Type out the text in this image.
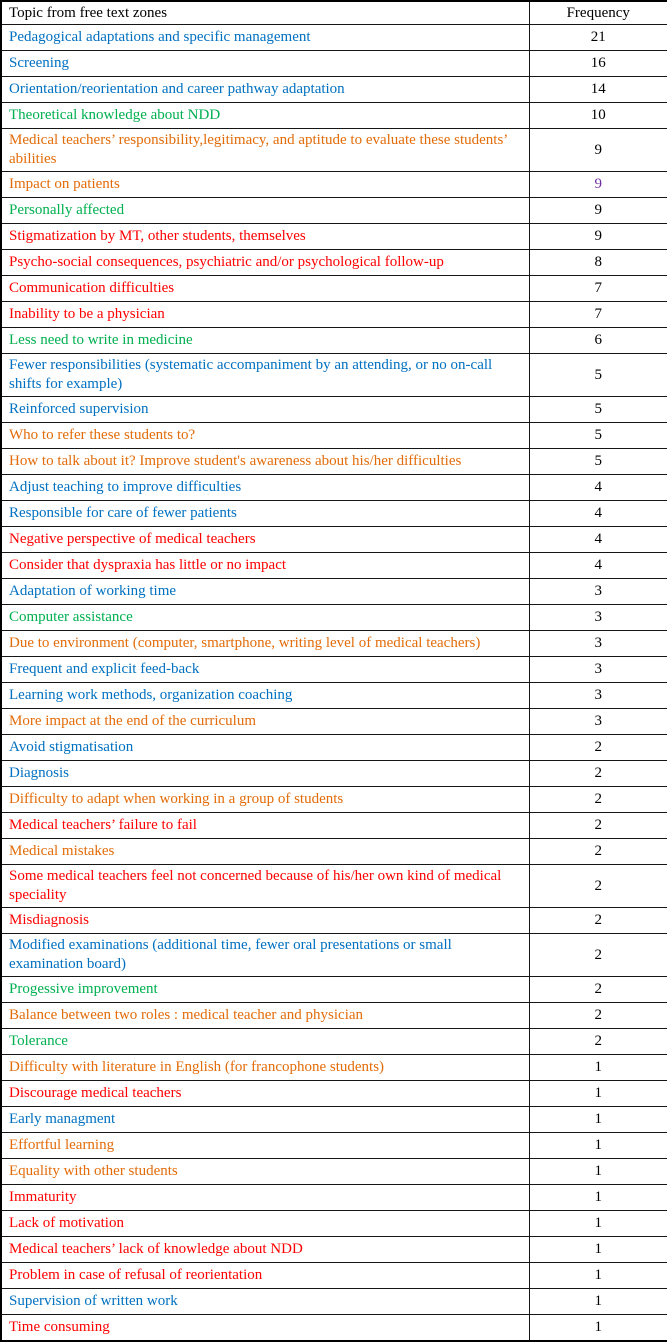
Topic from free text zones	Frequency
Pedagogical adaptations and specific management	21
Screening	16
Orientation/reorientation and career pathway adaptation	14
Theoretical knowledge about NDD	10
Medical teachers’ responsibility,legitimacy, and aptitude to evaluate these students’ abilities	9
Impact on patients	9
Personally affected	9
Stigmatization by MT, other students, themselves	9
Psycho-social consequences, psychiatric and/or psychological follow-up	8
Communication difficulties	7
Inability to be a physician	7
Less need to write in medicine	6
Fewer responsibilities (systematic accompaniment by an attending, or no on-call shifts for example)	5
Reinforced supervision	5
Who to refer these students to?	5
How to talk about it? Improve student's awareness about his/her difficulties	5
Adjust teaching to improve difficulties	4
Responsible for care of fewer patients	4
Negative perspective of medical teachers	4
Consider that dyspraxia has little or no impact	4
Adaptation of working time	3
Computer assistance	3
Due to environment (computer, smartphone, writing level of medical teachers)	3
Frequent and explicit feed-back	3
Learning work methods, organization coaching	3
More impact at the end of the curriculum	3
Avoid stigmatisation	2
Diagnosis	2
Difficulty to adapt when working in a group of students	2
Medical teachers’ failure to fail	2
Medical mistakes	2
Some medical teachers feel not concerned because of his/her own kind of medical speciality	2
Misdiagnosis	2
Modified examinations (additional time, fewer oral presentations or small examination board)	2
Progessive improvement	2
Balance between two roles : medical teacher and physician	2
Tolerance	2
Difficulty with literature in English (for francophone students)	1
Discourage medical teachers	1
Early managment	1
Effortful learning	1
Equality with other students	1
Immaturity	1
Lack of motivation	1
Medical teachers’ lack of knowledge about NDD	1
Problem in case of refusal of reorientation	1
Supervision of written work	1
Time consuming	1
